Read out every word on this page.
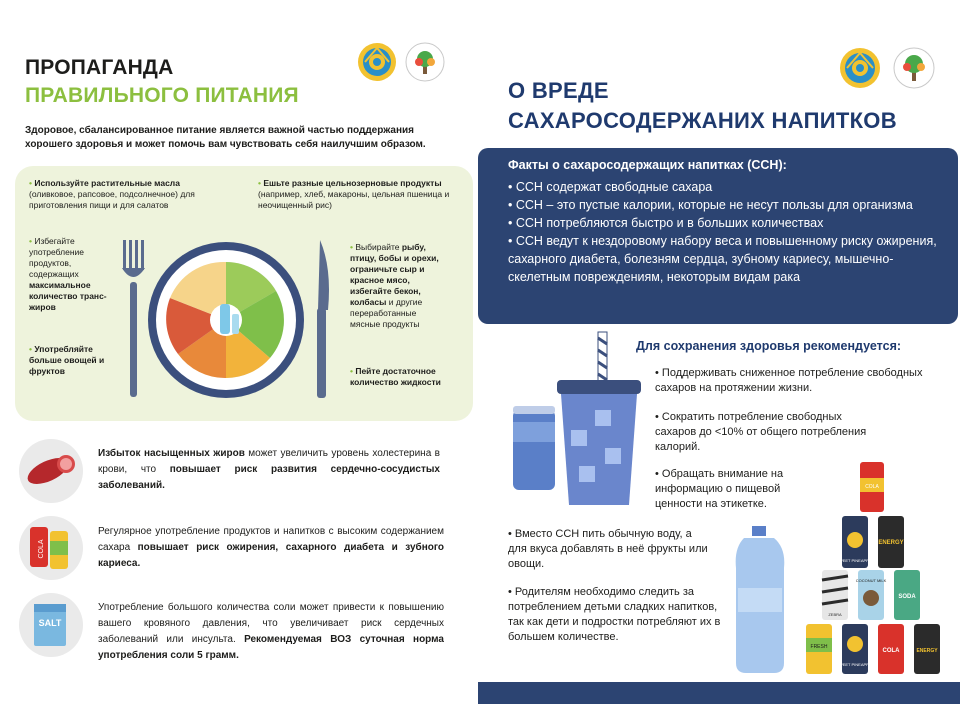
ПРОПАГАНДА
ПРАВИЛЬНОГО ПИТАНИЯ
Здоровое, сбалансированное питание является важной частью поддержания хорошего здоровья и может помочь вам чувствовать себя наилучшим образом.
• Используйте растительные масла
(оливковое, рапсовое, подсолнечное) для приготовления пищи и для салатов
• Ешьте разные цельнозерновые продукты (например, хлеб, макароны, цельная пшеница и неочищенный рис)
• Избегайте употребление продуктов, содержащих максимальное количество транс-жиров
• Употребляйте больше овощей и фруктов
• Выбирайте рыбу, птицу, бобы и орехи, ограничьте сыр и красное мясо, избегайте бекон, колбасы и другие переработанные мясные продукты
• Пейте достаточное количество жидкости
Избыток насыщенных жиров может увеличить уровень холестерина в крови, что повышает риск развития сердечно-сосудистых заболеваний.
COLA
Регулярное употребление продуктов и напитков с высоким содержанием сахара повышает риск ожирения, сахарного диабета и зубного кариеса.
SALT
Употребление большого количества соли может привести к повышению вашего кровяного давления, что увеличивает риск сердечных заболеваний или инсульта. Рекомендуемая ВОЗ суточная норма употребления соли 5 грамм.
О ВРЕДЕ
САХАРОСОДЕРЖАНИХ НАПИТКОВ
Факты о сахаросодержащих напитках (ССН):
• ССН содержат свободные сахара
• ССН – это пустые калории, которые не несут пользы для организма
• ССН потребляются быстро и в больших количествах
• ССН ведут к нездоровому набору веса и повышенному риску ожирения, сахарного диабета, болезням сердца, зубному кариесу, мышечно-скелетным повреждениям, некоторым видам рака
Для сохранения здоровья рекомендуется:
• Поддерживать сниженное потребление свободных сахаров на протяжении жизни.
• Сократить потребление свободных сахаров до <10% от общего потребления калорий.
• Обращать внимание на информацию о пищевой ценности на этикетке.
• Вместо ССН пить обычную воду, а для вкуса добавлять в неё фрукты или овощи.
• Родителям необходимо следить за потреблением детьми сладких напитков, так как дети и подростки потребляют их в большем количестве.
COLA
SWEET PINEAPPLE
ENERGY
ZEBRA
COCONUT MILK
SODA
FRESH
SWEET PINEAPPLE
COLA	ENERGY
